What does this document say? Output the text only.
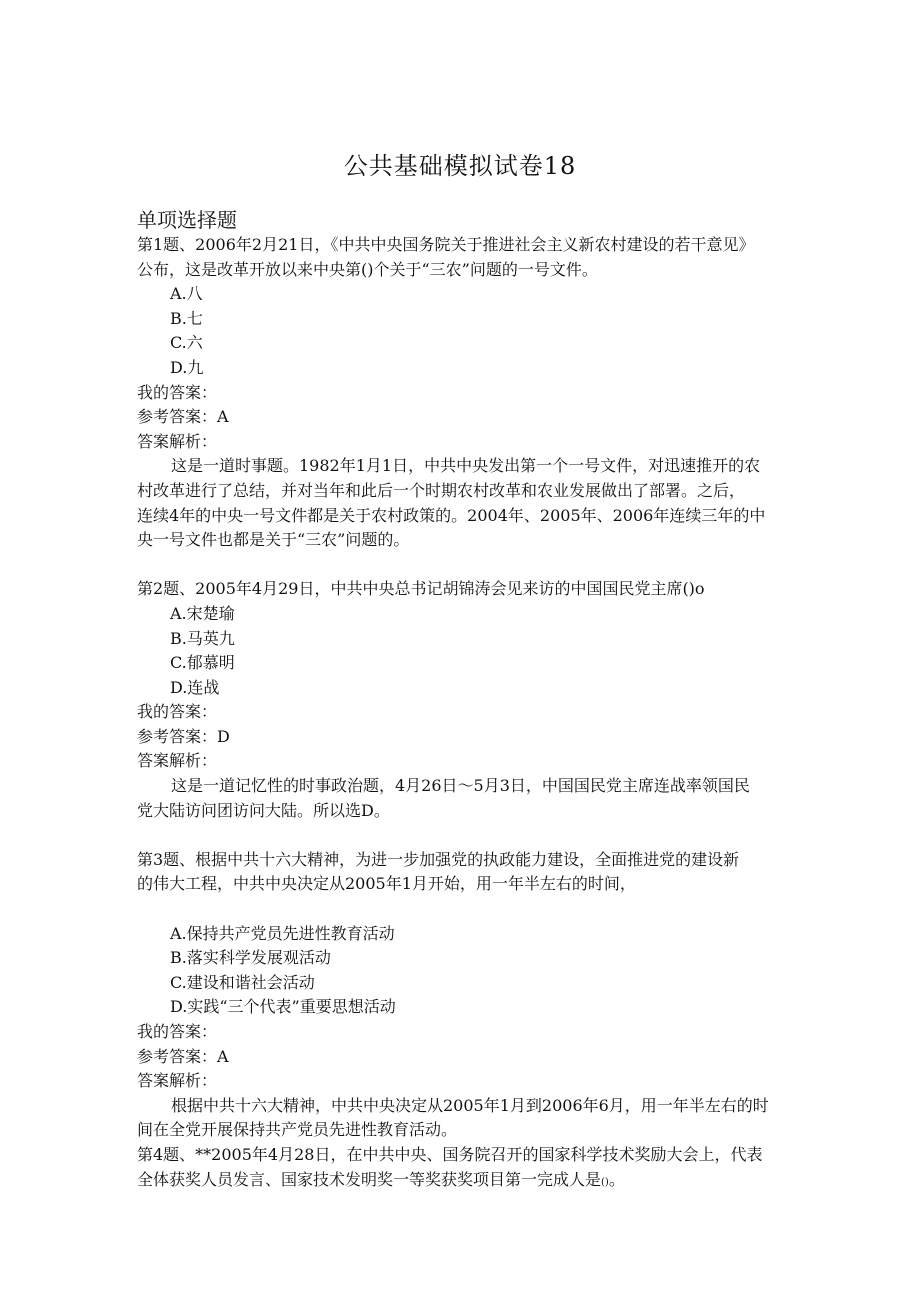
公共基础模拟试卷18
单项选择题
第1题、2006年2月21日，《中共中央国务院关于推进社会主义新农村建设的若干意见》
公布，这是改革开放以来中央第()个关于“三农”问题的一号文件。
A.八
B.七
C.六
D.九
我的答案：
参考答案：A
答案解析：
这是一道时事题。1982年1月1日，中共中央发出第一个一号文件，对迅速推开的农
村改革进行了总结，并对当年和此后一个时期农村改革和农业发展做出了部署。之后，
连续4年的中央一号文件都是关于农村政策的。2004年、2005年、2006年连续三年的中
央一号文件也都是关于“三农”问题的。
第2题、2005年4月29日，中共中央总书记胡锦涛会见来访的中国国民党主席()o
A.宋楚瑜
B.马英九
C.郁慕明
D.连战
我的答案：
参考答案：D
答案解析：
这是一道记忆性的时事政治题，4月26日～5月3日，中国国民党主席连战率领国民
党大陆访问团访问大陆。所以选D。
第3题、根据中共十六大精神，为进一步加强党的执政能力建设，全面推进党的建设新
的伟大工程，中共中央决定从2005年1月开始，用一年半左右的时间，
A.保持共产党员先进性教育活动
B.落实科学发展观活动
C.建设和谐社会活动
D.实践“三个代表”重要思想活动
我的答案：
参考答案：A
答案解析：
根据中共十六大精神，中共中央决定从2005年1月到2006年6月，用一年半左右的时
间在全党开展保持共产党员先进性教育活动。
第4题、**2005年4月28日，在中共中央、国务院召开的国家科学技术奖励大会上，代表
全体获奖人员发言、国家技术发明奖一等奖获奖项目第一完成人是()。
